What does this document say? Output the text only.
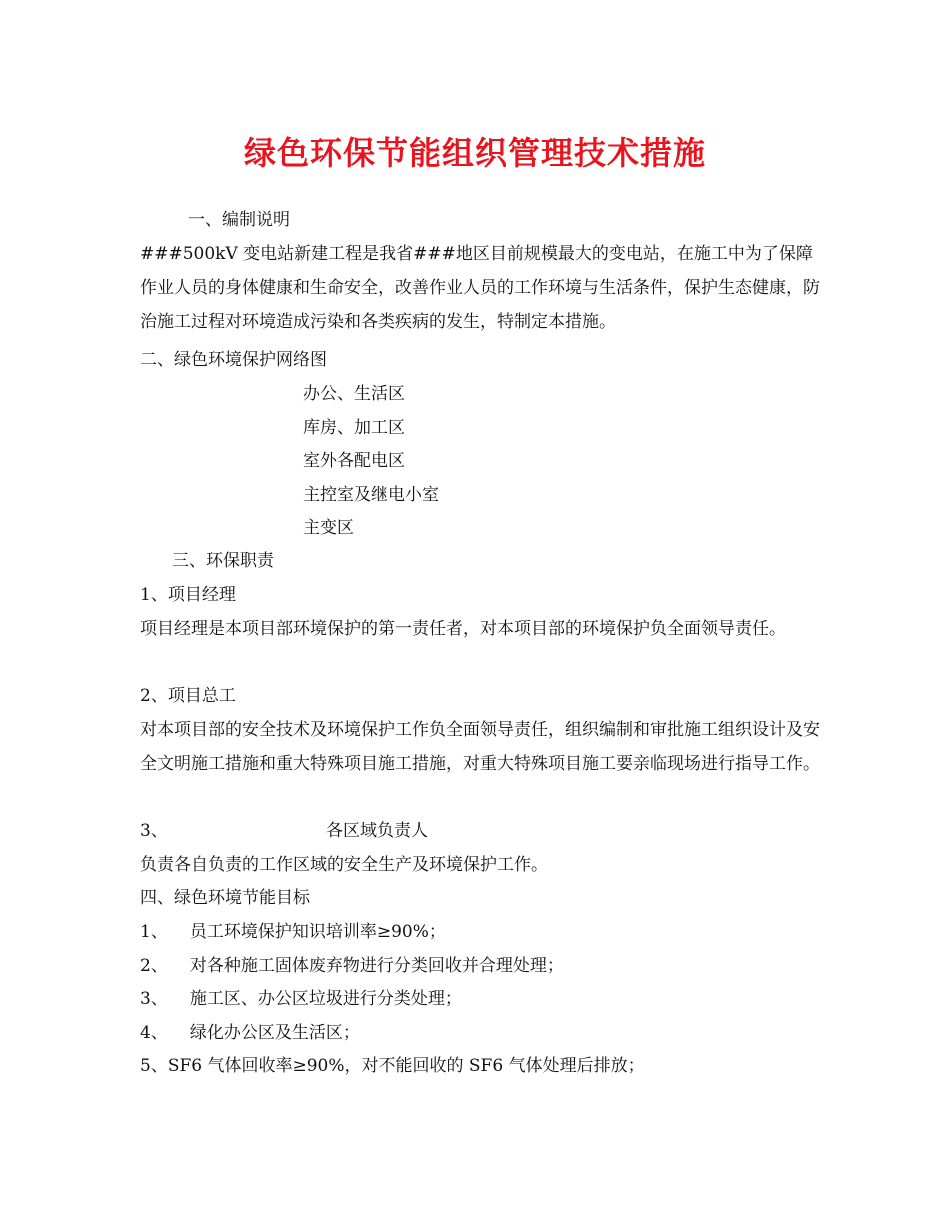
绿色环保节能组织管理技术措施
一、编制说明
###500kV 变电站新建工程是我省###地区目前规模最大的变电站，在施工中为了保障作业人员的身体健康和生命安全，改善作业人员的工作环境与生活条件，保护生态健康，防治施工过程对环境造成污染和各类疾病的发生，特制定本措施。
二、绿色环境保护网络图
办公、生活区
库房、加工区
室外各配电区
主控室及继电小室
主变区
三、环保职责
1、项目经理
项目经理是本项目部环境保护的第一责任者，对本项目部的环境保护负全面领导责任。
2、项目总工
对本项目部的安全技术及环境保护工作负全面领导责任，组织编制和审批施工组织设计及安全文明施工措施和重大特殊项目施工措施，对重大特殊项目施工要亲临现场进行指导工作。
3、	各区域负责人
负责各自负责的工作区域的安全生产及环境保护工作。
四、绿色环境节能目标
1、 员工环境保护知识培训率≥90%；
2、 对各种施工固体废弃物进行分类回收并合理处理；
3、 施工区、办公区垃圾进行分类处理；
4、 绿化办公区及生活区；
5、SF6 气体回收率≥90%，对不能回收的 SF6 气体处理后排放；
